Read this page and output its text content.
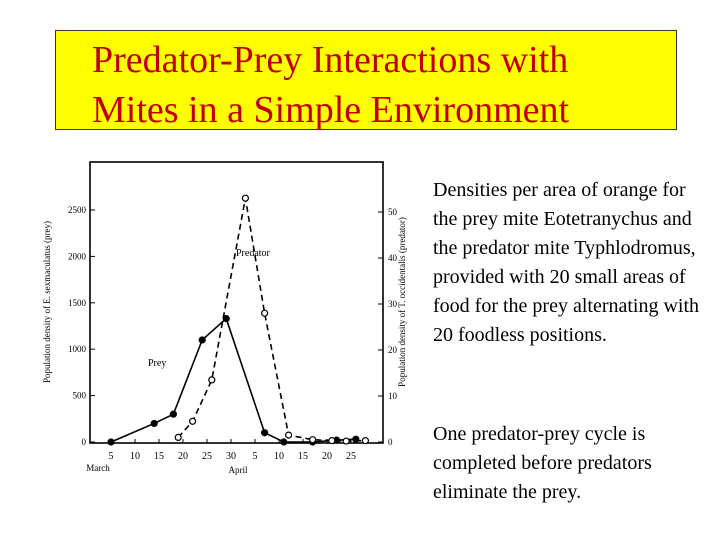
Predator-Prey Interactions with
Mites in a Simple Environment
0
500
1000
1500
2000
2500
0
10
20
30
40
50
5 10 15 20 25 30 5 10 15 20 25
March	April
Population density of E. sexmaculatus (prey)	Population density of T. occidentalis (predator)
Predator
Prey
Densities per area of orange for the prey mite Eotetranychus and the predator mite Typhlodromus, provided with 20 small areas of food for the prey alternating with 20 foodless positions.
One predator-prey cycle is completed before predators eliminate the prey.
